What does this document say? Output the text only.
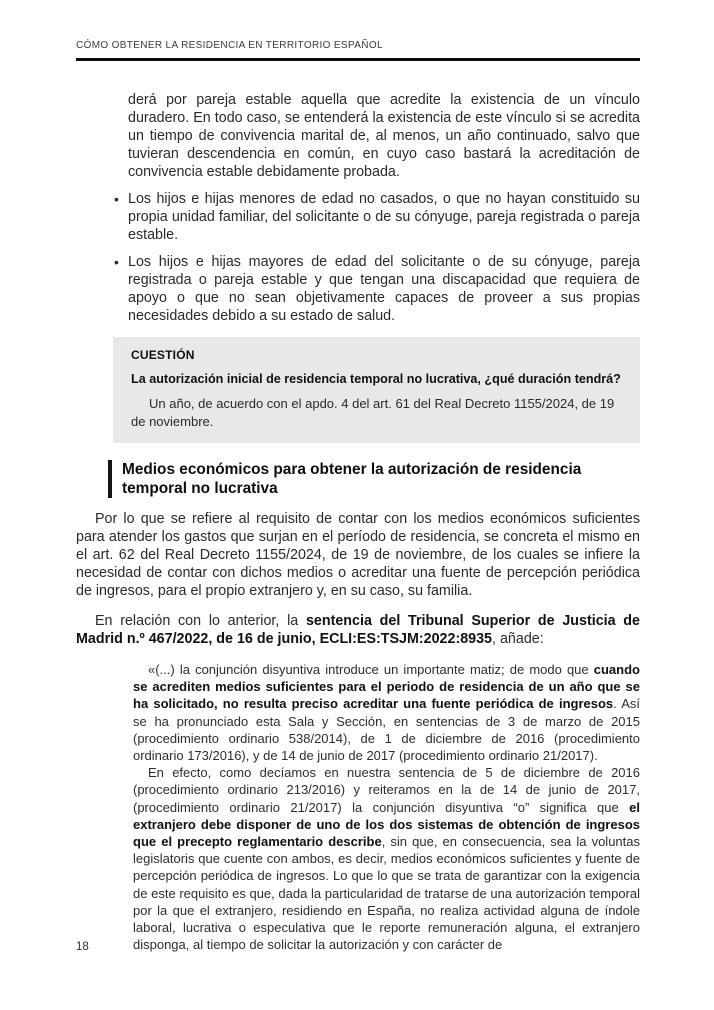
CÓMO OBTENER LA RESIDENCIA EN TERRITORIO ESPAÑOL

derá por pareja estable aquella que acredite la existencia de un vínculo duradero. En todo caso, se entenderá la existencia de este vínculo si se acredita un tiempo de convivencia marital de, al menos, un año continuado, salvo que tuvieran descendencia en común, en cuyo caso bastará la acreditación de convivencia estable debidamente probada.

• Los hijos e hijas menores de edad no casados, o que no hayan constituido su propia unidad familiar, del solicitante o de su cónyuge, pareja registrada o pareja estable.
• Los hijos e hijas mayores de edad del solicitante o de su cónyuge, pareja registrada o pareja estable y que tengan una discapacidad que requiera de apoyo o que no sean objetivamente capaces de proveer a sus propias necesidades debido a su estado de salud.
CUESTIÓN

La autorización inicial de residencia temporal no lucrativa, ¿qué duración tendrá?

Un año, de acuerdo con el apdo. 4 del art. 61 del Real Decreto 1155/2024, de 19 de noviembre.

Medios económicos para obtener la autorización de residencia temporal no lucrativa

Por lo que se refiere al requisito de contar con los medios económicos suficientes para atender los gastos que surjan en el período de residencia, se concreta el mismo en el art. 62 del Real Decreto 1155/2024, de 19 de noviembre, de los cuales se infiere la necesidad de contar con dichos medios o acreditar una fuente de percepción periódica de ingresos, para el propio extranjero y, en su caso, su familia.

En relación con lo anterior, la sentencia del Tribunal Superior de Justicia de Madrid n.º 467/2022, de 16 de junio, ECLI:ES:TSJM:2022:8935, añade:

«(...) la conjunción disyuntiva introduce un importante matiz; de modo que cuando se acrediten medios suficientes para el periodo de residencia de un año que se ha solicitado, no resulta preciso acreditar una fuente periódica de ingresos. Así se ha pronunciado esta Sala y Sección, en sentencias de 3 de marzo de 2015 (procedimiento ordinario 538/2014), de 1 de diciembre de 2016 (procedimiento ordinario 173/2016), y de 14 de junio de 2017 (procedimiento ordinario 21/2017).

En efecto, como decíamos en nuestra sentencia de 5 de diciembre de 2016 (procedimiento ordinario 213/2016) y reiteramos en la de 14 de junio de 2017, (procedimiento ordinario 21/2017) la conjunción disyuntiva “o” significa que el extranjero debe disponer de uno de los dos sistemas de obtención de ingresos que el precepto reglamentario describe, sin que, en consecuencia, sea la voluntas legislatoris que cuente con ambos, es decir, medios económicos suficientes y fuente de percepción periódica de ingresos. Lo que lo que se trata de garantizar con la exigencia de este requisito es que, dada la particularidad de tratarse de una autorización temporal por la que el extranjero, residiendo en España, no realiza actividad alguna de índole laboral, lucrativa o especulativa que le reporte remuneración alguna, el extranjero disponga, al tiempo de solicitar la autorización y con carácter de

18
